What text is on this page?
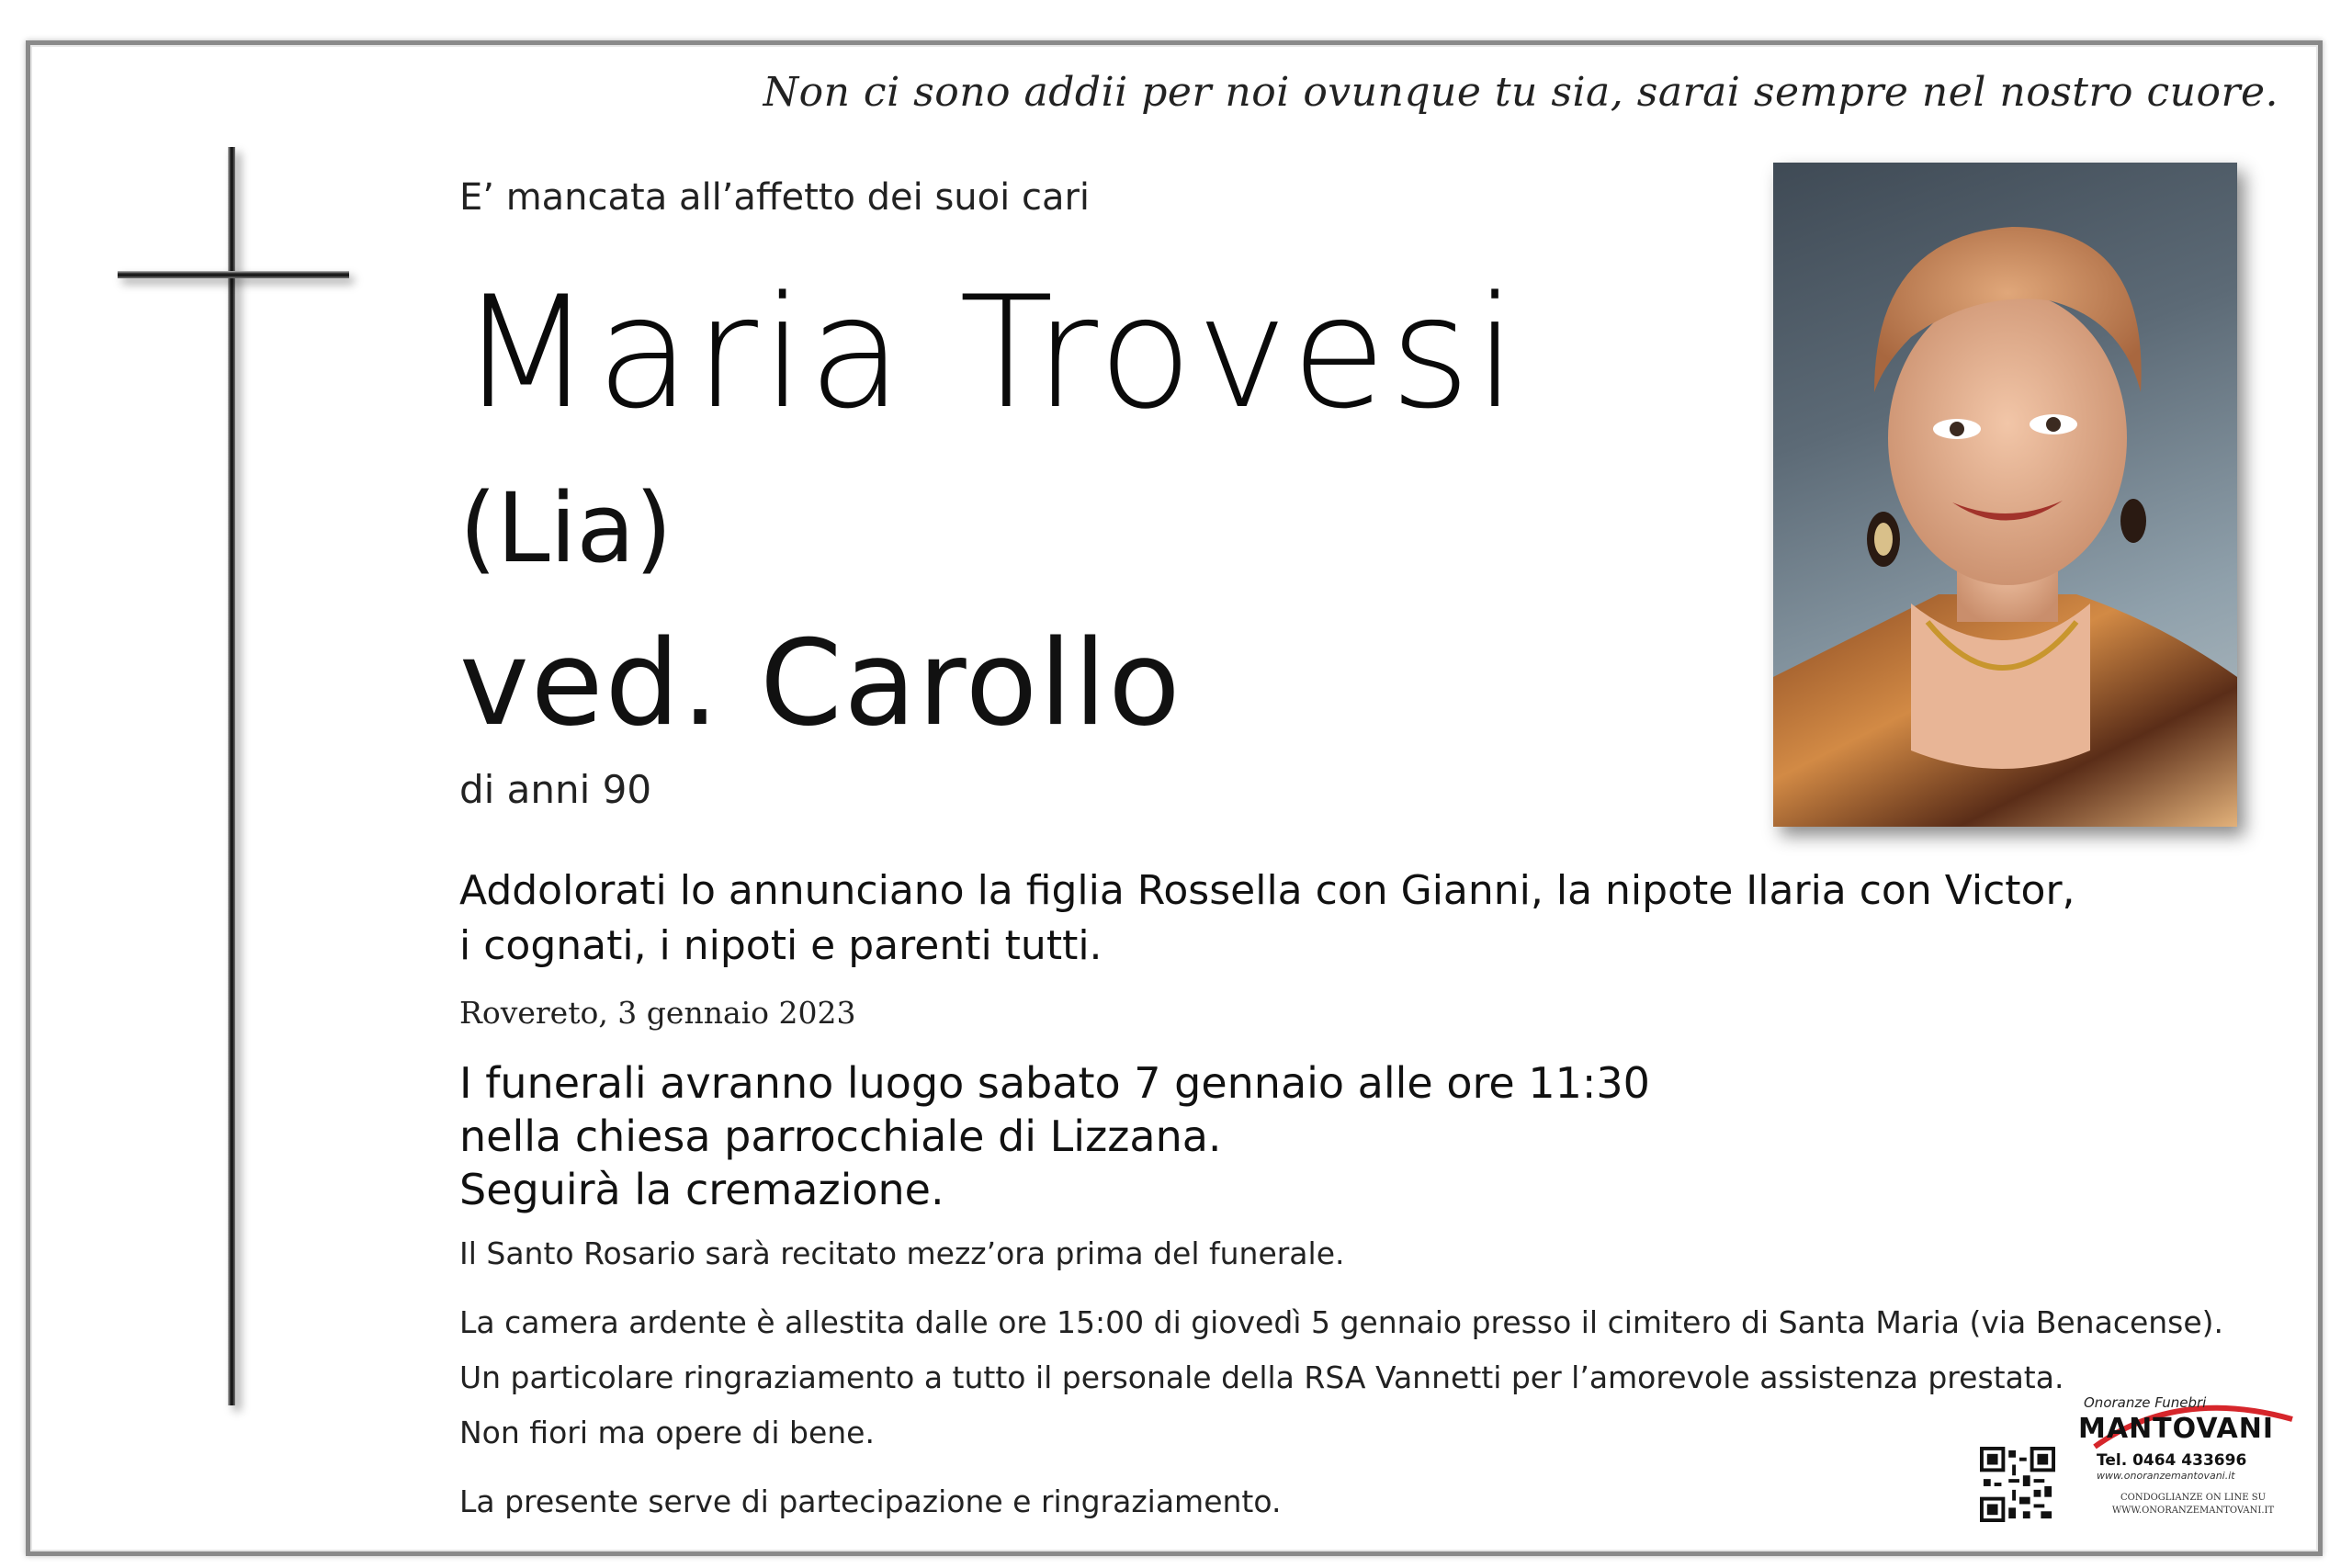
Non ci sono addii per noi ovunque tu sia, sarai sempre nel nostro cuore.
E’ mancata all’affetto dei suoi cari
Maria Trovesi
(Lia)
ved. Carollo
di anni 90
Addolorati lo annunciano la figlia Rossella con Gianni, la nipote Ilaria con Victor,
i cognati, i nipoti e parenti tutti.
Rovereto, 3 gennaio 2023
I funerali avranno luogo sabato 7 gennaio alle ore 11:30
nella chiesa parrocchiale di Lizzana.
Seguirà la cremazione.
Il Santo Rosario sarà recitato mezz’ora prima del funerale.
La camera ardente è allestita dalle ore 15:00 di giovedì 5 gennaio presso il cimitero di Santa Maria (via Benacense).
Un particolare ringraziamento a tutto il personale della RSA Vannetti per l’amorevole assistenza prestata.
Non fiori ma opere di bene.
La presente serve di partecipazione e ringraziamento.
Onoranze Funebri
MANTOVANI
Tel. 0464 433696
www.onoranzemantovani.it
CONDOGLIANZE ON LINE SU
WWW.ONORANZEMANTOVANI.IT
